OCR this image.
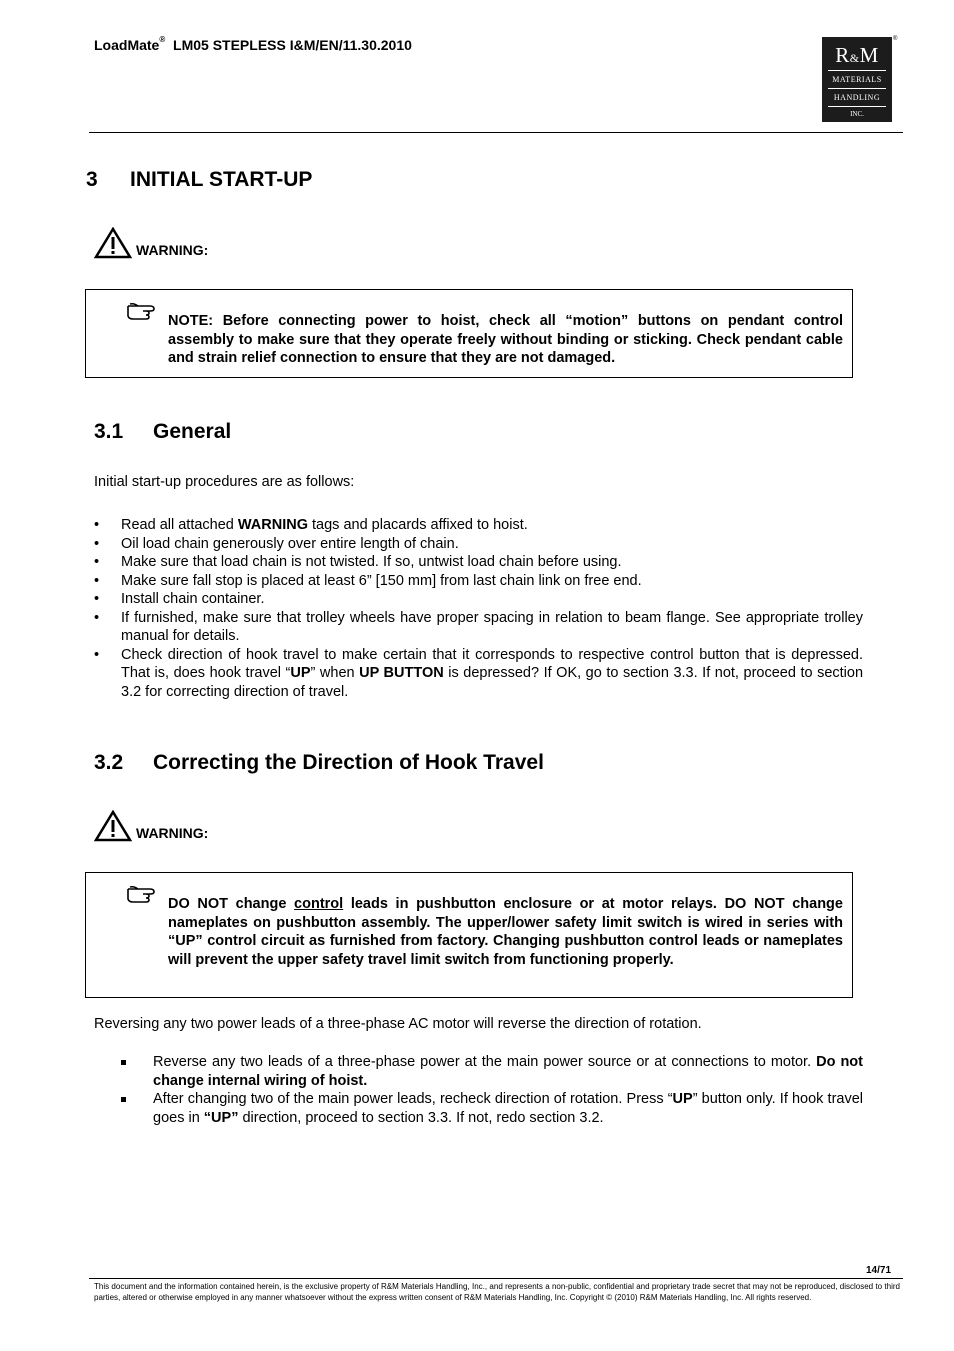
LoadMate® LM05 STEPLESS I&M/EN/11.30.2010	R&M
MATERIALS
HANDLING
INC.
®
3 INITIAL START-UP
WARNING:
NOTE: Before connecting power to hoist, check all “motion” buttons on pendant control assembly to make sure that they operate freely without binding or sticking. Check pendant cable and strain relief connection to ensure that they are not damaged.
3.1 General
Initial start-up procedures are as follows:
• Read all attached WARNING tags and placards affixed to hoist.
• Oil load chain generously over entire length of chain.
• Make sure that load chain is not twisted. If so, untwist load chain before using.
• Make sure fall stop is placed at least 6” [150 mm] from last chain link on free end.
• Install chain container.
• If furnished, make sure that trolley wheels have proper spacing in relation to beam flange. See appropriate trolley manual for details.
• Check direction of hook travel to make certain that it corresponds to respective control button that is depressed. That is, does hook travel “UP” when UP BUTTON is depressed? If OK, go to section 3.3. If not, proceed to section 3.2 for correcting direction of travel.
3.2 Correcting the Direction of Hook Travel
WARNING:
DO NOT change control leads in pushbutton enclosure or at motor relays. DO NOT change nameplates on pushbutton assembly. The upper/lower safety limit switch is wired in series with “UP” control circuit as furnished from factory. Changing pushbutton control leads or nameplates will prevent the upper safety travel limit switch from functioning properly.
Reversing any two power leads of a three-phase AC motor will reverse the direction of rotation.
Reverse any two leads of a three-phase power at the main power source or at connections to motor. Do not change internal wiring of hoist.
After changing two of the main power leads, recheck direction of rotation. Press “UP” button only. If hook travel goes in “UP” direction, proceed to section 3.3. If not, redo section 3.2.
14/71
This document and the information contained herein, is the exclusive property of R&M Materials Handling, Inc., and represents a non-public, confidential and proprietary trade secret that may not be reproduced, disclosed to third parties, altered or otherwise employed in any manner whatsoever without the express written consent of R&M Materials Handling, Inc. Copyright © (2010) R&M Materials Handling, Inc. All rights reserved.
